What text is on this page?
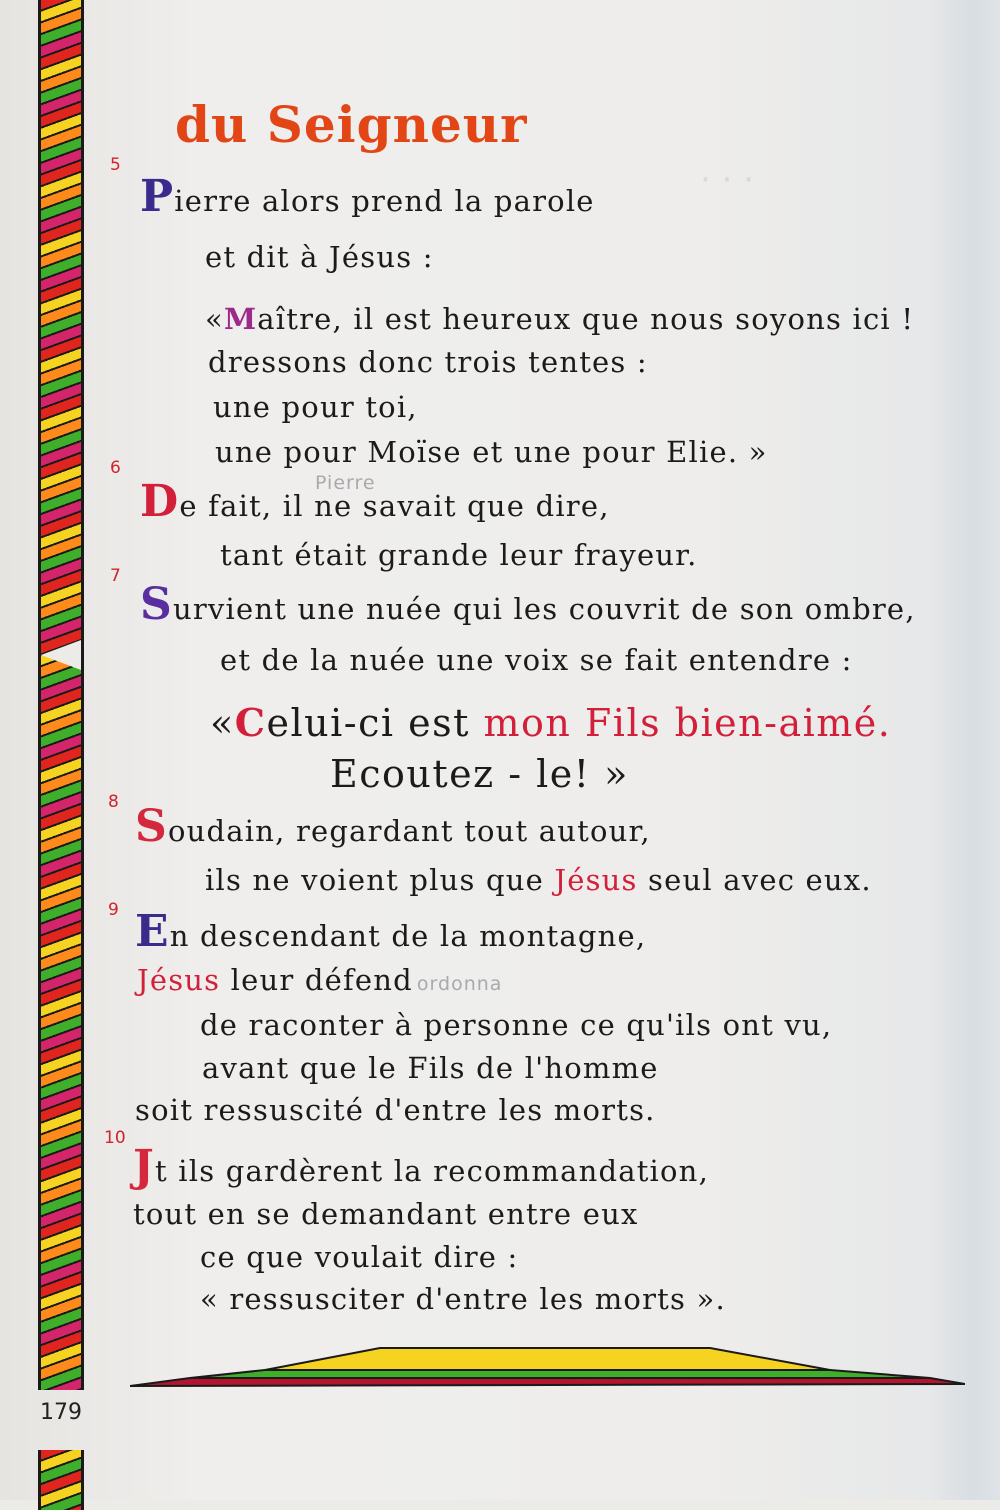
· · ·
du Seigneur
5
Pierre alors prend la parole
et dit à Jésus :
«Maître, il est heureux que nous soyons ici !
dressons donc trois tentes :
une pour toi,
une pour Moïse et une pour Elie. »
6
Pierre
De fait, il ne savait que dire,
tant était grande leur frayeur.
7
Survient une nuée qui les couvrit de son ombre,
et de la nuée une voix se fait entendre :
«Celui-ci est mon Fils bien-aimé.
Ecoutez - le! »
8 Soudain, regardant tout autour,
ils ne voient plus que Jésus seul avec eux.
9 En descendant de la montagne,
Jésus leur défend ordonna
de raconter à personne ce qu'ils ont vu,
avant que le Fils de l'homme
soit ressuscité d'entre les morts.
10
Jt ils gardèrent la recommandation,
tout en se demandant entre eux
ce que voulait dire :
« ressusciter d'entre les morts ».
179
